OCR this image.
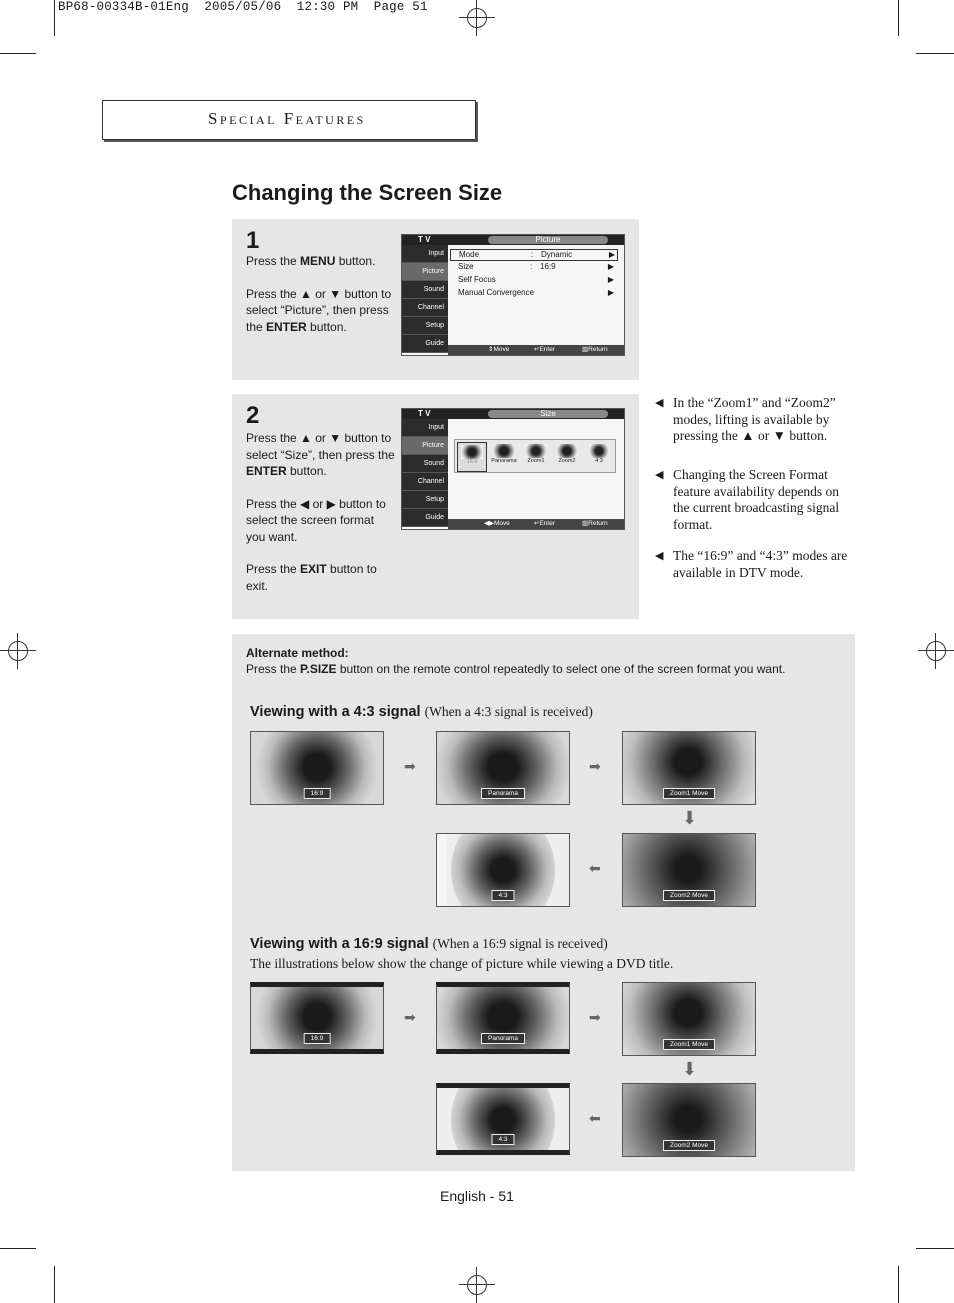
BP68-00334B-01Eng  2005/05/06  12:30 PM  Page 51
Special Features
Changing the Screen Size
1

Press the MENU button.

Press the ▲ or ▼ button to select “Picture”, then press the ENTER button.

T V	Picture
Input
Picture
Sound
Channel
Setup
Guide
Mode	: Dynamic	▶
Size	: 16:9	▶
Self Focus	▶
Manual Convergence	▶
⇕ Move	↵ Enter	▥ Return
2

Press the ▲ or ▼ button to select “Size”, then press the ENTER button.

Press the ◀ or ▶ button to select the screen format you want.

Press the EXIT button to exit.

T V	Size
Input
Picture
Sound
Channel
Setup
Guide
16:9	Panorama	Zoom1	Zoom2	4:3
◀▶ Move	↵ Enter	▥ Return
◀ In the “Zoom1” and “Zoom2” modes, lifting is available by pressing the ▲ or ▼ button.
◀ Changing the Screen Format feature availability depends on the current broadcasting signal format.
◀ The “16:9” and “4:3” modes are available in DTV mode.
Alternate method:
Press the P.SIZE button on the remote control repeatedly to select one of the screen format you want.
Viewing with a 4:3 signal (When a 4:3 signal is received)
16:9
➡
Panorama
➡
Zoom1 Move
⬇
4:3
⬅
Zoom2 Move
Viewing with a 16:9 signal (When a 16:9 signal is received)
The illustrations below show the change of picture while viewing a DVD title.
16:9
➡
Panorama
➡
Zoom1 Move
⬇
4:3
⬅
Zoom2 Move
English - 51
